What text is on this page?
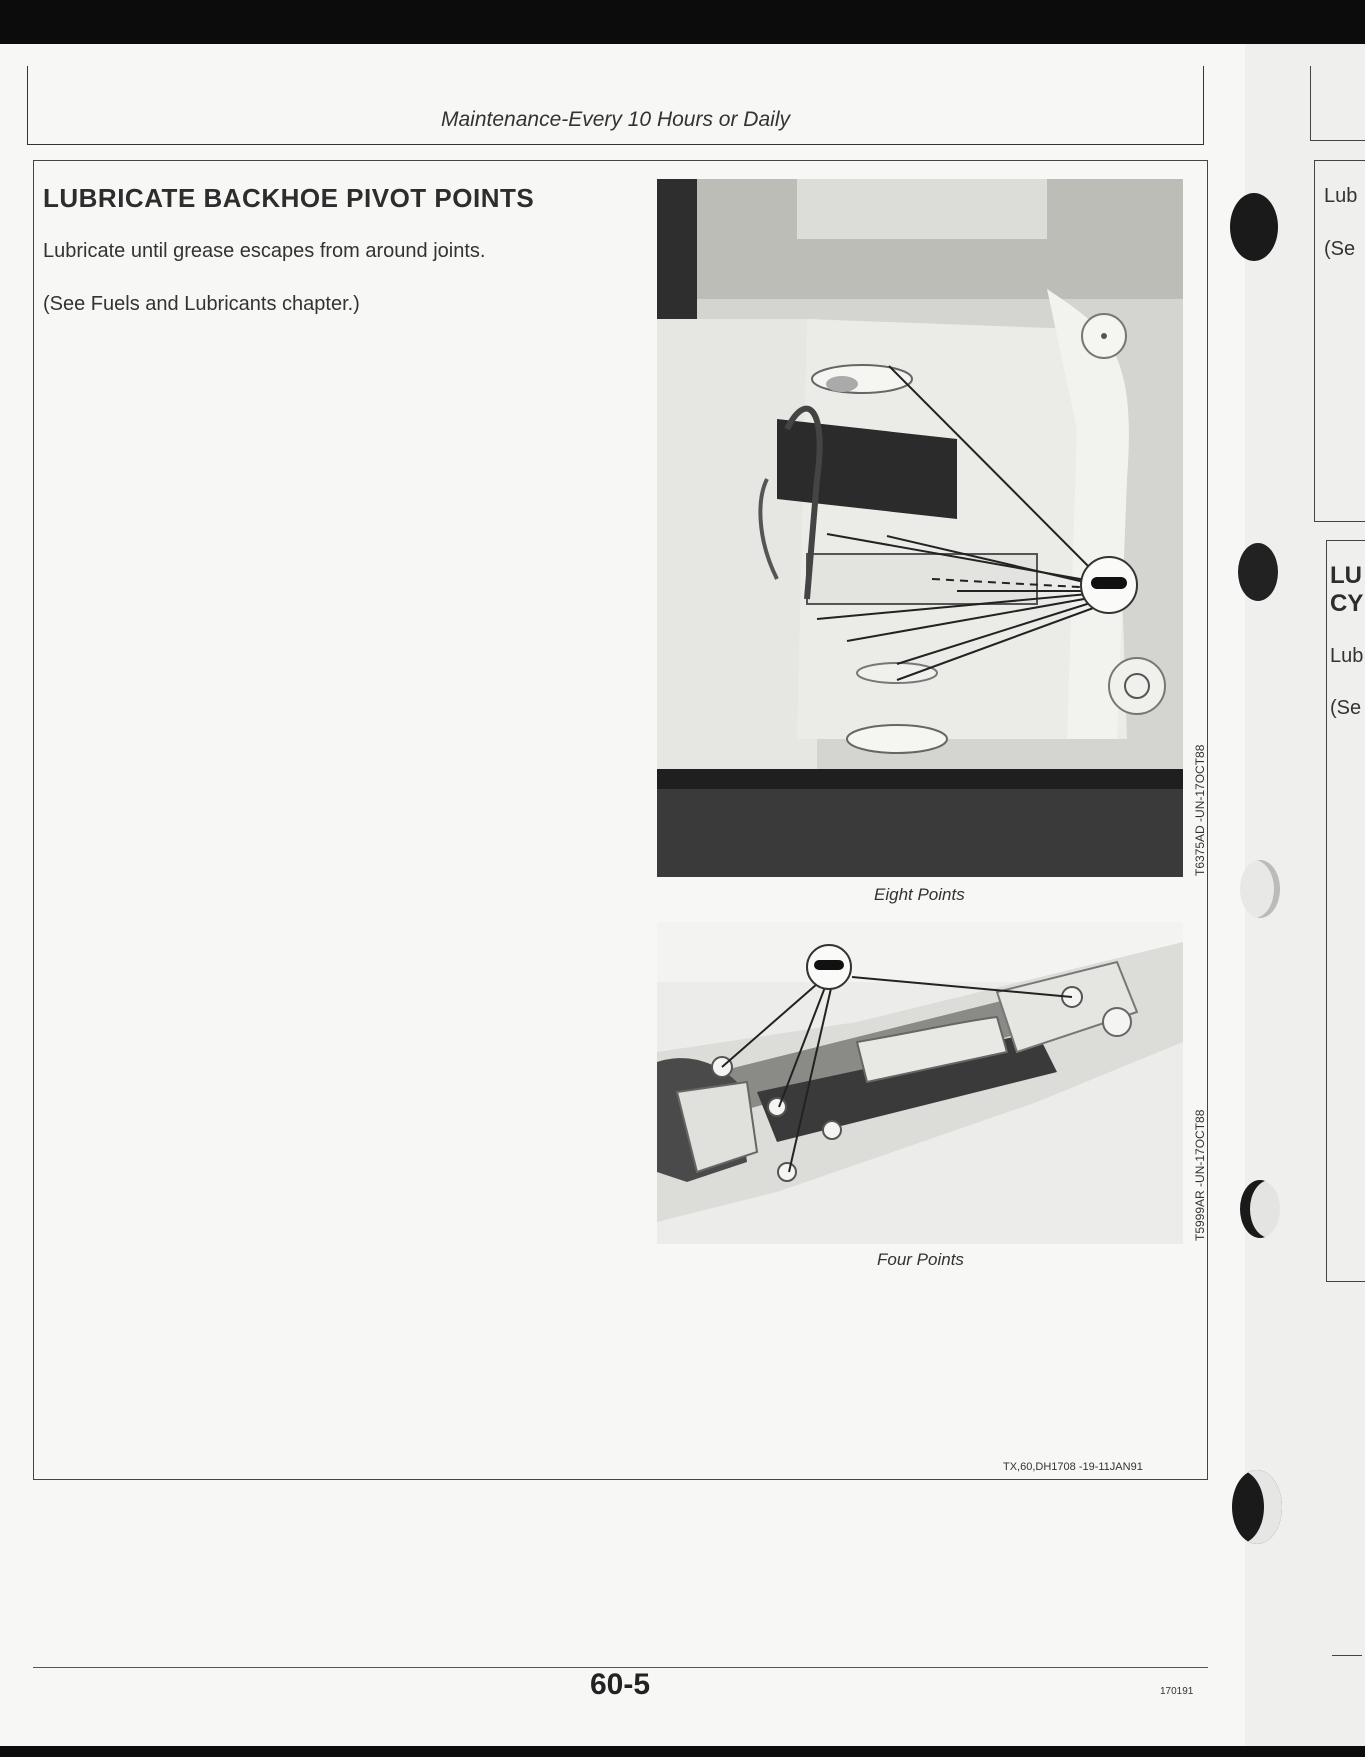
Maintenance-Every 10 Hours or Daily
LUBRICATE BACKHOE PIVOT POINTS
Lubricate until grease escapes from around joints.
(See Fuels and Lubricants chapter.)
Eight Points
T6375AD -UN-17OCT88
Four Points
T5999AR -UN-17OCT88
TX,60,DH1708 -19-11JAN91
60-5	170191
Lub
(Se
LU
CY
Lub
(Se
